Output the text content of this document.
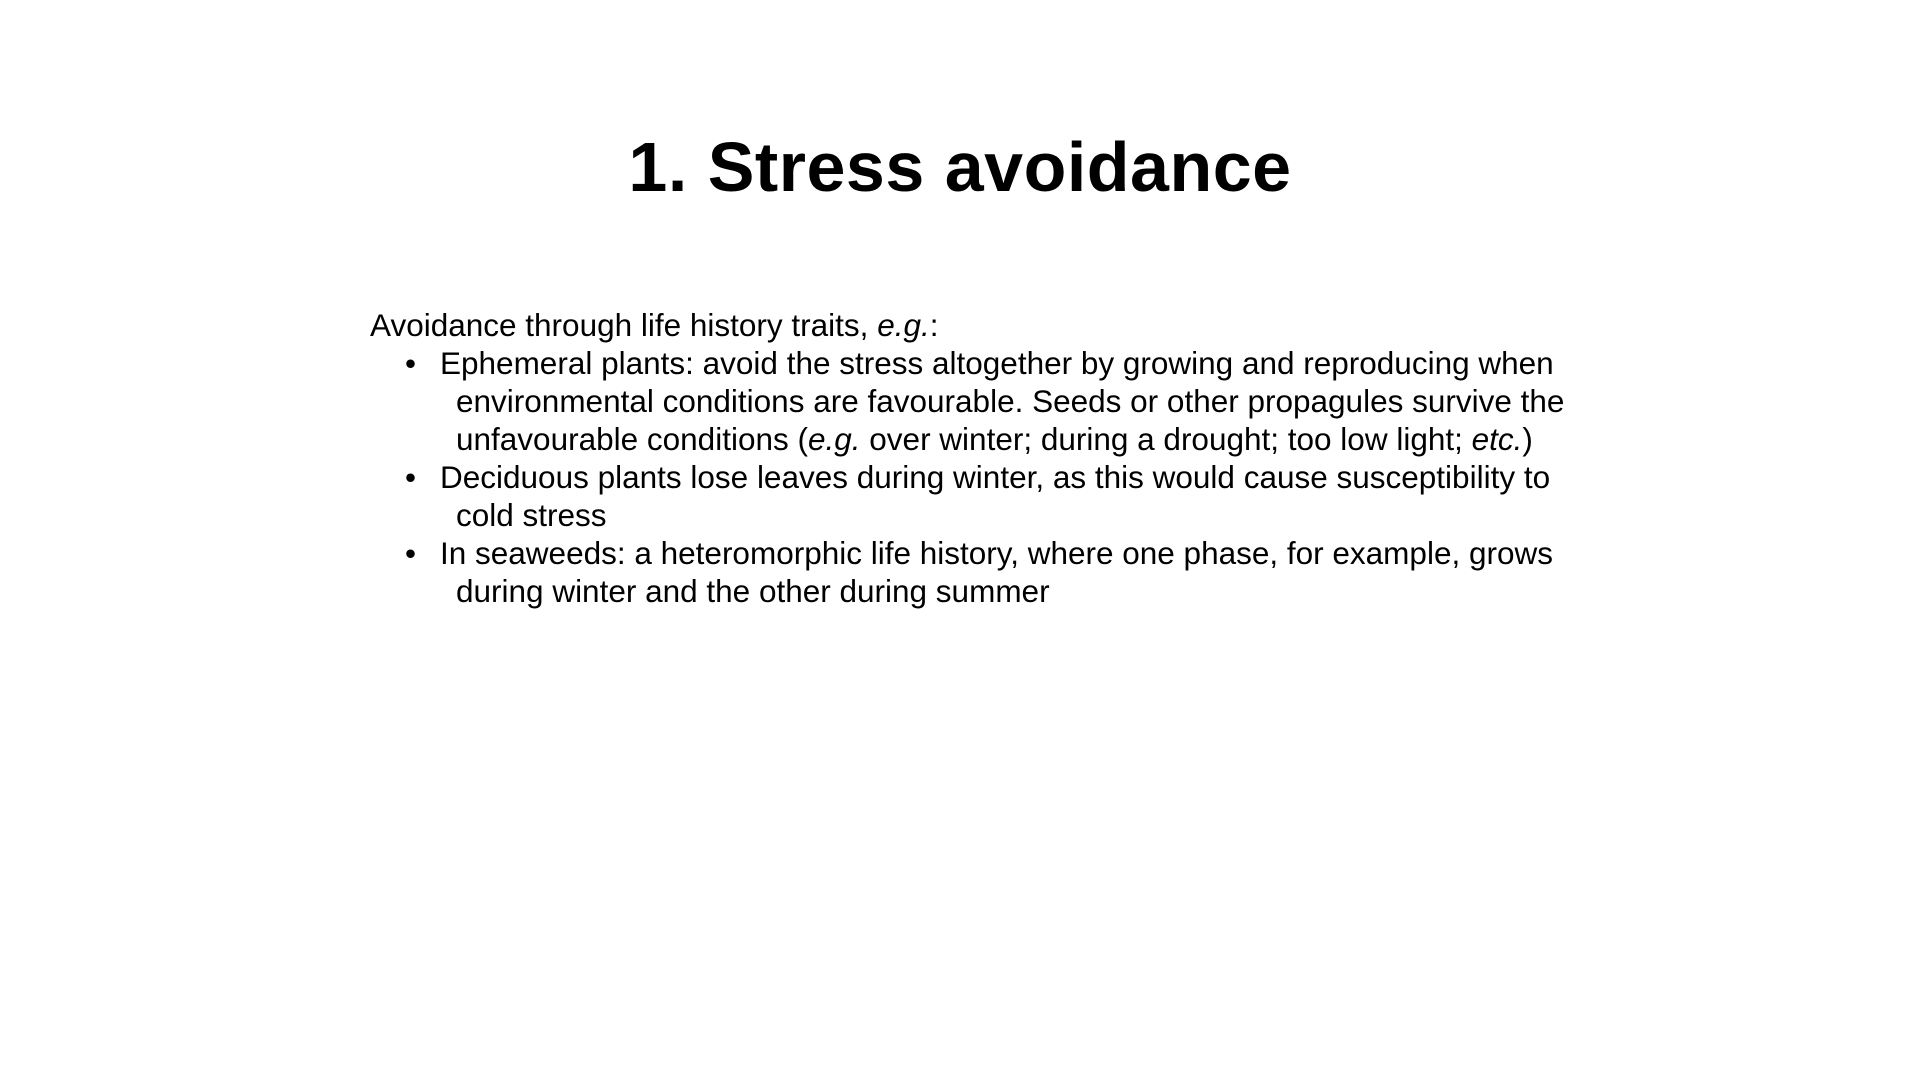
1. Stress avoidance

Avoidance through life history traits, e.g.:

• Ephemeral plants: avoid the stress altogether by growing and reproducing when environmental conditions are favourable. Seeds or other propagules survive the unfavourable conditions (e.g. over winter; during a drought; too low light; etc.)
• Deciduous plants lose leaves during winter, as this would cause susceptibility to cold stress
• In seaweeds: a heteromorphic life history, where one phase, for example, grows during winter and the other during summer
